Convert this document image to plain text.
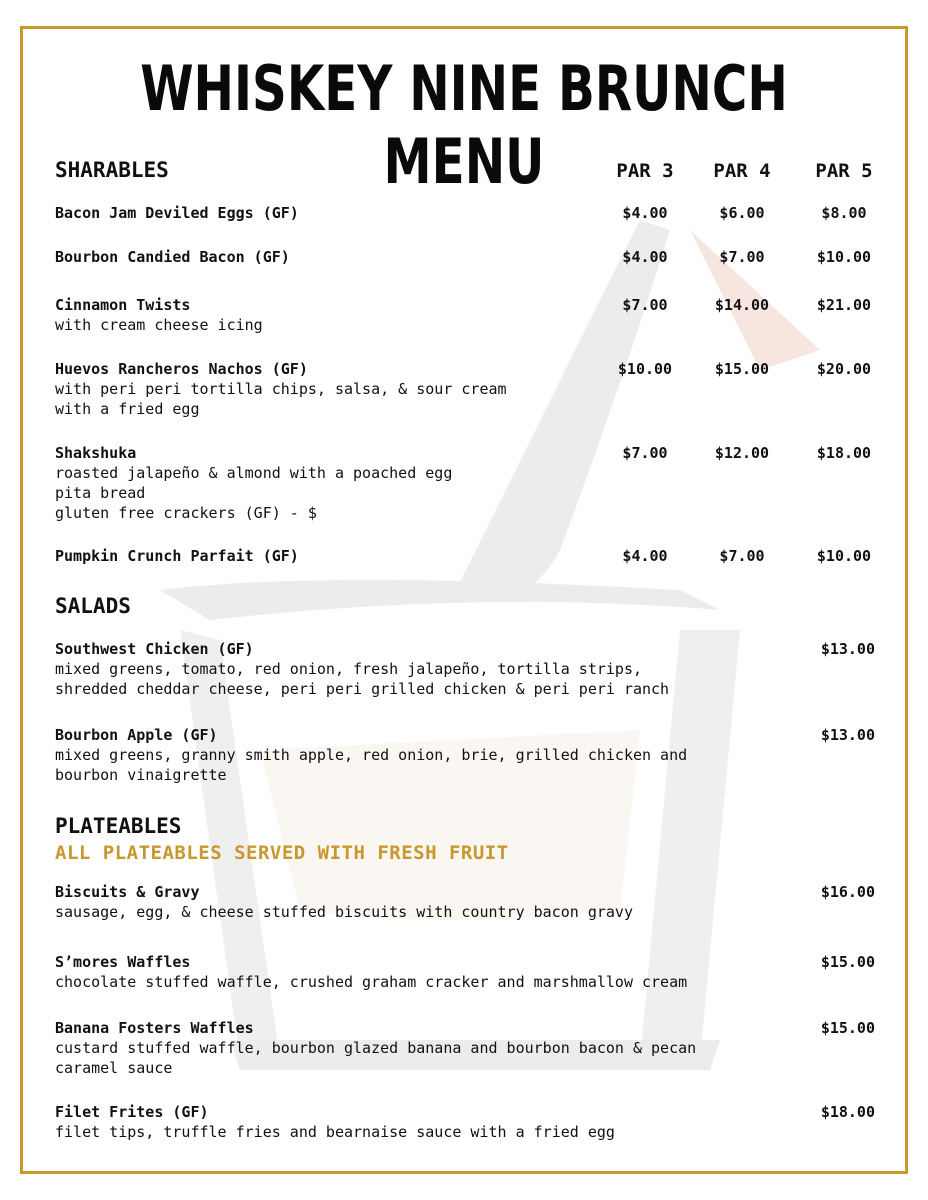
WHISKEY NINE BRUNCH MENU
SHARABLES	PAR 3	PAR 4	PAR 5
Bacon Jam Deviled Eggs (GF)	$4.00	$6.00	$8.00
Bourbon Candied Bacon (GF)	$4.00	$7.00	$10.00
Cinnamon Twists
with cream cheese icing
$7.00	$14.00	$21.00
Huevos Rancheros Nachos (GF)
with peri peri tortilla chips, salsa, & sour cream
with a fried egg
$10.00	$15.00	$20.00
Shakshuka
roasted jalapeño & almond with a poached egg
pita bread
gluten free crackers (GF) - $
$7.00	$12.00	$18.00
Pumpkin Crunch Parfait (GF)	$4.00	$7.00	$10.00
SALADS
Southwest Chicken (GF)
mixed greens, tomato, red onion, fresh jalapeño, tortilla strips,
shredded cheddar cheese, peri peri grilled chicken & peri peri ranch
$13.00
Bourbon Apple (GF)
mixed greens, granny smith apple, red onion, brie, grilled chicken and
bourbon vinaigrette
$13.00
PLATEABLES
ALL PLATEABLES SERVED WITH FRESH FRUIT
Biscuits & Gravy
sausage, egg, & cheese stuffed biscuits with country bacon gravy
$16.00
S’mores Waffles
chocolate stuffed waffle, crushed graham cracker and marshmallow cream
$15.00
Banana Fosters Waffles
custard stuffed waffle, bourbon glazed banana and bourbon bacon & pecan
caramel sauce
$15.00
Filet Frites (GF)
filet tips, truffle fries and bearnaise sauce with a fried egg
$18.00
